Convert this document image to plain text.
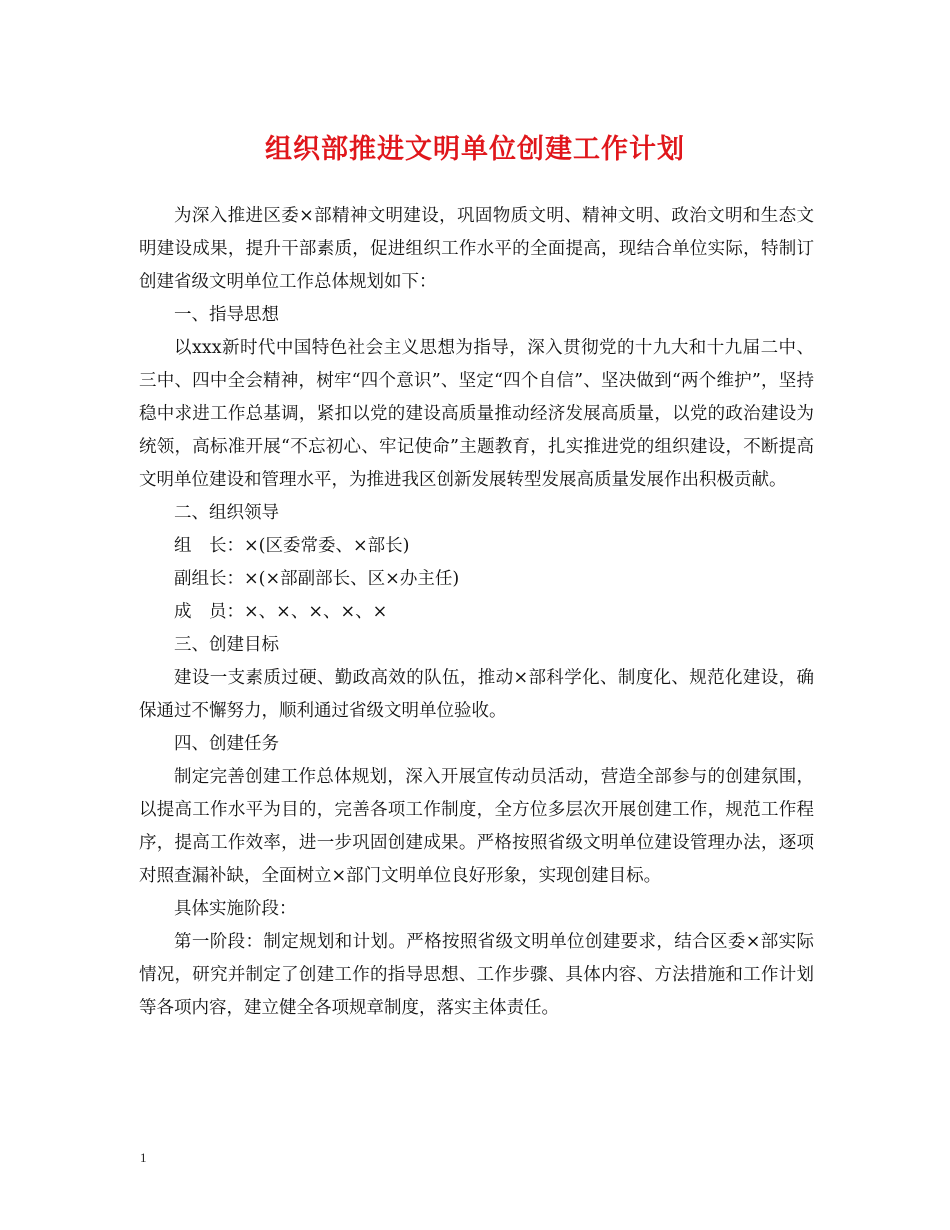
组织部推进文明单位创建工作计划

为深入推进区委×部精神文明建设，巩固物质文明、精神文明、政治文明和生态文明建设成果，提升干部素质，促进组织工作水平的全面提高，现结合单位实际，特制订创建省级文明单位工作总体规划如下：

一、指导思想

以xxx新时代中国特色社会主义思想为指导，深入贯彻党的十九大和十九届二中、三中、四中全会精神，树牢“四个意识”、坚定“四个自信”、坚决做到“两个维护”，坚持稳中求进工作总基调，紧扣以党的建设高质量推动经济发展高质量，以党的政治建设为统领，高标准开展“不忘初心、牢记使命”主题教育，扎实推进党的组织建设，不断提高文明单位建设和管理水平，为推进我区创新发展转型发展高质量发展作出积极贡献。

二、组织领导

组　长：×(区委常委、×部长)

副组长：×(×部副部长、区×办主任)

成　员：×、×、×、×、×

三、创建目标

建设一支素质过硬、勤政高效的队伍，推动×部科学化、制度化、规范化建设，确保通过不懈努力，顺利通过省级文明单位验收。

四、创建任务

制定完善创建工作总体规划，深入开展宣传动员活动，营造全部参与的创建氛围，以提高工作水平为目的，完善各项工作制度，全方位多层次开展创建工作，规范工作程序，提高工作效率，进一步巩固创建成果。严格按照省级文明单位建设管理办法，逐项对照查漏补缺，全面树立×部门文明单位良好形象，实现创建目标。

具体实施阶段：

第一阶段：制定规划和计划。严格按照省级文明单位创建要求，结合区委×部实际情况，研究并制定了创建工作的指导思想、工作步骤、具体内容、方法措施和工作计划等各项内容，建立健全各项规章制度，落实主体责任。

1
